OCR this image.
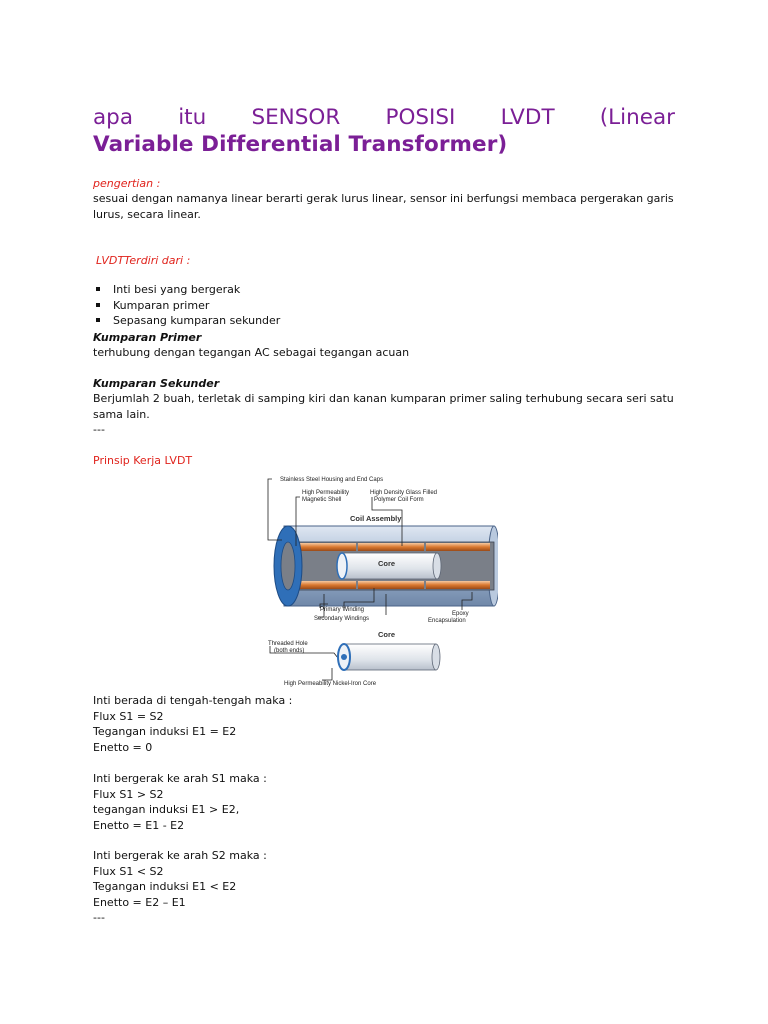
apa itu SENSOR POSISI LVDT (Linear
Variable Differential Transformer)

pengertian :

sesuai dengan namanya linear berarti gerak lurus linear, sensor ini berfungsi membaca pergerakan garis lurus, secara linear.

LVDTTerdiri dari :

Inti besi yang bergerak
Kumparan primer
Sepasang kumparan sekunder

Kumparan Primer

terhubung dengan tegangan AC sebagai tegangan acuan

Kumparan Sekunder

Berjumlah 2 buah, terletak di samping kiri dan kanan kumparan primer saling terhubung secara seri satu sama lain.

---

Prinsip Kerja LVDT

Stainless Steel Housing and End Caps
High Permeability
Magnetic Shell
High Density Glass Filled
Polymer Coil Form
Coil Assembly
Core
Primary Winding
Secondary Windings
Epoxy
Encapsulation
Core
Threaded Hole
(both ends)
High Permeability Nickel-Iron Core
Inti berada di tengah-tengah maka :
Flux S1 = S2
Tegangan induksi E1 = E2
Enetto = 0
Inti bergerak ke arah S1 maka :
Flux S1 > S2
tegangan induksi E1 > E2,
Enetto = E1 - E2
Inti bergerak ke arah S2 maka :
Flux S1 < S2
Tegangan induksi E1 < E2
Enetto = E2 – E1
---
